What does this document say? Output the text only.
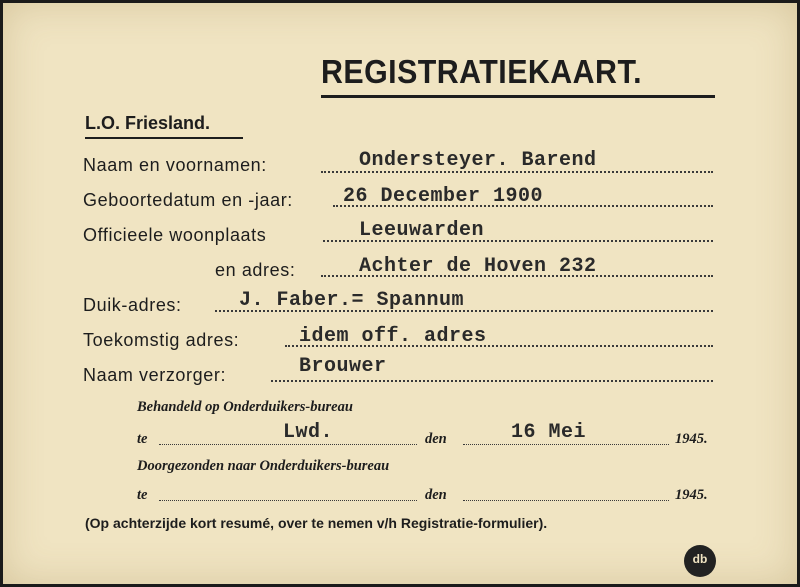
REGISTRATIEKAART.
L.O. Friesland.
Naam en voornamen:	Ondersteyer. Barend
Geboortedatum en -jaar:	26 December 1900
Officieele woonplaats	Leeuwarden
en adres:	Achter de Hoven 232
Duik-adres:	J. Faber.= Spannum
Toekomstig adres:	idem off. adres
Naam verzorger:	Brouwer
Behandeld op Onderduikers-bureau
te	Lwd.	den	16 Mei	1945.
Doorgezonden naar Onderduikers-bureau
te	den	1945.
(Op achterzijde kort resumé, over te nemen v/h Registratie-formulier).
db
